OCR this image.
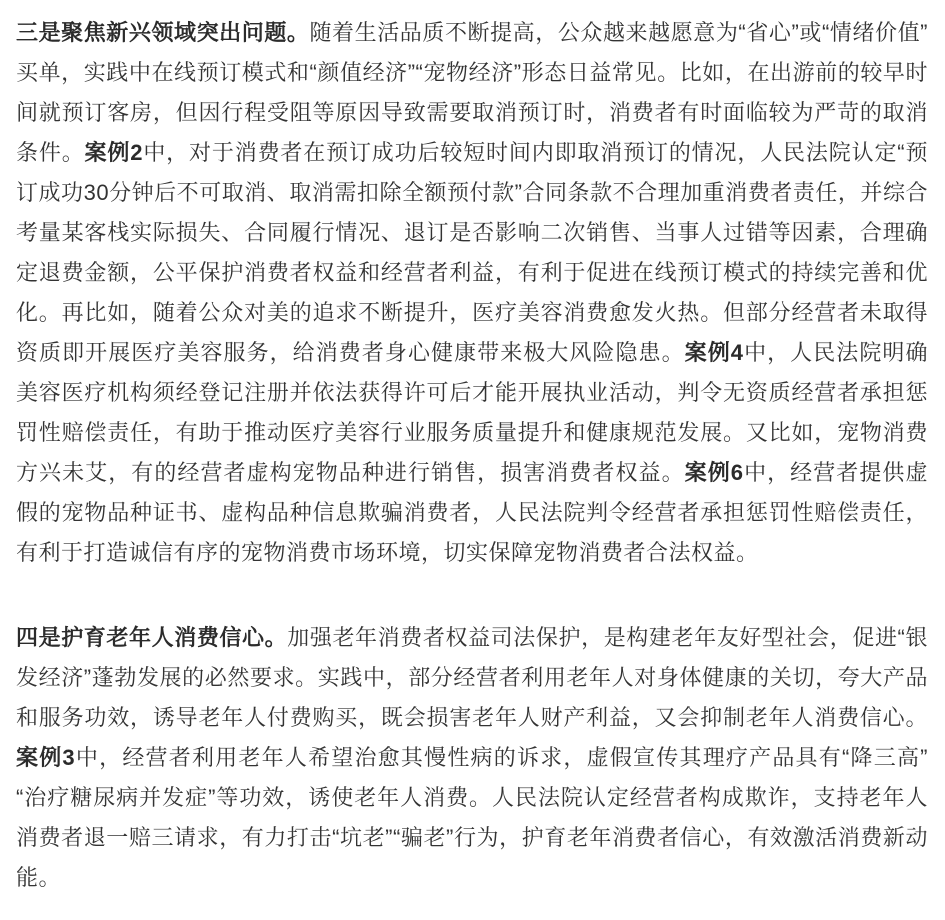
三是聚焦新兴领域突出问题。随着生活品质不断提高，公众越来越愿意为“省心”或“情绪价值”买单，实践中在线预订模式和“颜值经济”“宠物经济”形态日益常见。比如，在出游前的较早时间就预订客房，但因行程受阻等原因导致需要取消预订时，消费者有时面临较为严苛的取消条件。案例2中，对于消费者在预订成功后较短时间内即取消预订的情况，人民法院认定“预订成功30分钟后不可取消、取消需扣除全额预付款”合同条款不合理加重消费者责任，并综合考量某客栈实际损失、合同履行情况、退订是否影响二次销售、当事人过错等因素，合理确定退费金额，公平保护消费者权益和经营者利益，有利于促进在线预订模式的持续完善和优化。再比如，随着公众对美的追求不断提升，医疗美容消费愈发火热。但部分经营者未取得资质即开展医疗美容服务，给消费者身心健康带来极大风险隐患。案例4中，人民法院明确美容医疗机构须经登记注册并依法获得许可后才能开展执业活动，判令无资质经营者承担惩罚性赔偿责任，有助于推动医疗美容行业服务质量提升和健康规范发展。又比如，宠物消费方兴未艾，有的经营者虚构宠物品种进行销售，损害消费者权益。案例6中，经营者提供虚假的宠物品种证书、虚构品种信息欺骗消费者，人民法院判令经营者承担惩罚性赔偿责任，有利于打造诚信有序的宠物消费市场环境，切实保障宠物消费者合法权益。

四是护育老年人消费信心。加强老年消费者权益司法保护，是构建老年友好型社会，促进“银发经济”蓬勃发展的必然要求。实践中，部分经营者利用老年人对身体健康的关切，夸大产品和服务功效，诱导老年人付费购买，既会损害老年人财产利益，又会抑制老年人消费信心。案例3中，经营者利用老年人希望治愈其慢性病的诉求，虚假宣传其理疗产品具有“降三高”“治疗糖尿病并发症”等功效，诱使老年人消费。人民法院认定经营者构成欺诈，支持老年人消费者退一赔三请求，有力打击“坑老”“骗老”行为，护育老年消费者信心，有效激活消费新动能。
